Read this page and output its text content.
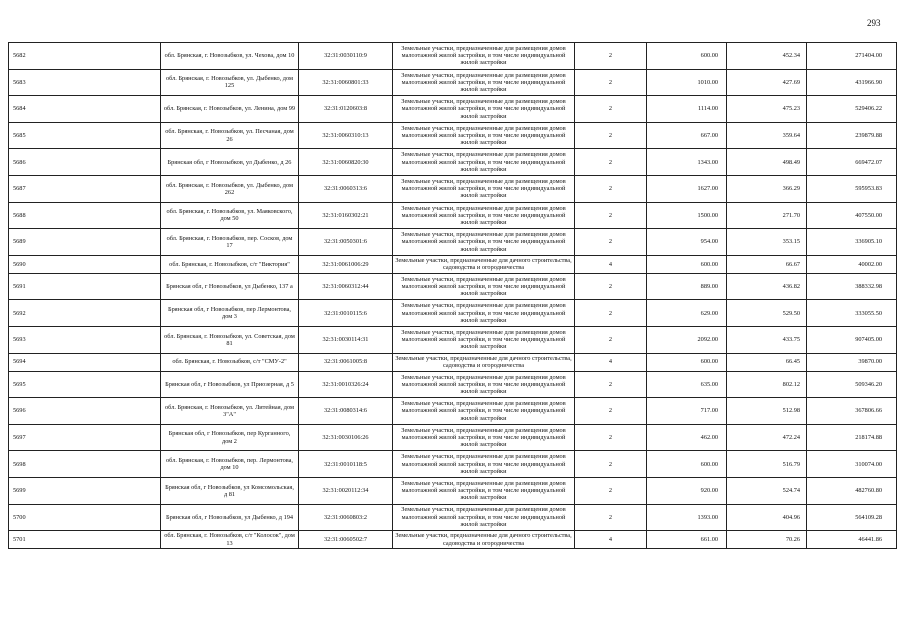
293
5682	обл. Брянская, г. Новозыбков, ул. Чехова, дом 10	32:31:0030110:9	Земельные участки, предназначенные для размещения домов малоэтажной жилой застройки, в том числе индивидуальной жилой застройки	2	600.00	452.34	271404.00
5683	обл. Брянская, г. Новозыбков, ул. Дыбенко, дом 125	32:31:0060801:33	Земельные участки, предназначенные для размещения домов малоэтажной жилой застройки, в том числе индивидуальной жилой застройки	2	1010.00	427.69	431966.90
5684	обл. Брянская, г. Новозыбков, ул. Ленина, дом 99	32:31:0120603:8	Земельные участки, предназначенные для размещения домов малоэтажной жилой застройки, в том числе индивидуальной жилой застройки	2	1114.00	475.23	529406.22
5685	обл. Брянская, г. Новозыбков, ул. Песчаная, дом 26	32:31:0060310:13	Земельные участки, предназначенные для размещения домов малоэтажной жилой застройки, в том числе индивидуальной жилой застройки	2	667.00	359.64	239879.88
5686	Брянская обл, г Новозыбков, ул Дыбенко, д 26	32:31:0060820:30	Земельные участки, предназначенные для размещения домов малоэтажной жилой застройки, в том числе индивидуальной жилой застройки	2	1343.00	498.49	669472.07
5687	обл. Брянская, г. Новозыбков, ул. Дыбенко, дом 262	32:31:0060313:6	Земельные участки, предназначенные для размещения домов малоэтажной жилой застройки, в том числе индивидуальной жилой застройки	2	1627.00	366.29	595953.83
5688	обл. Брянская, г. Новозыбков, ул. Маяковского, дом 50	32:31:0160302:21	Земельные участки, предназначенные для размещения домов малоэтажной жилой застройки, в том числе индивидуальной жилой застройки	2	1500.00	271.70	407550.00
5689	обл. Брянская, г. Новозыбков, пер. Сосков, дом 17	32:31:0050301:6	Земельные участки, предназначенные для размещения домов малоэтажной жилой застройки, в том числе индивидуальной жилой застройки	2	954.00	353.15	336905.10
5690	обл. Брянская, г. Новозыбков, с/т "Виктория"	32:31:0061006:29	Земельные участки, предназначенные для дачного строительства, садоводства и огородничества	4	600.00	66.67	40002.00
5691	Брянская обл, г Новозыбков, ул Дыбенко, 137 а	32:31:0060312:44	Земельные участки, предназначенные для размещения домов малоэтажной жилой застройки, в том числе индивидуальной жилой застройки	2	889.00	436.82	388332.98
5692	Брянская обл, г Новозыбков, пер Лермонтова, дом 3	32:31:0010115:6	Земельные участки, предназначенные для размещения домов малоэтажной жилой застройки, в том числе индивидуальной жилой застройки	2	629.00	529.50	333055.50
5693	обл. Брянская, г. Новозыбков, ул. Советская, дом 81	32:31:0030114:31	Земельные участки, предназначенные для размещения домов малоэтажной жилой застройки, в том числе индивидуальной жилой застройки	2	2092.00	433.75	907405.00
5694	обл. Брянская, г. Новозыбков, с/т "СМУ-2"	32:31:0061005:8	Земельные участки, предназначенные для дачного строительства, садоводства и огородничества	4	600.00	66.45	39870.00
5695	Брянская обл, г Новозыбков, ул Приозерная, д 5	32:31:0010326:24	Земельные участки, предназначенные для размещения домов малоэтажной жилой застройки, в том числе индивидуальной жилой застройки	2	635.00	802.12	509346.20
5696	обл. Брянская, г. Новозыбков, ул. Литейная, дом 3"А"	32:31:0080314:6	Земельные участки, предназначенные для размещения домов малоэтажной жилой застройки, в том числе индивидуальной жилой застройки	2	717.00	512.98	367806.66
5697	Брянская обл, г Новозыбков, пер Курганного, дом 2	32:31:0030106:26	Земельные участки, предназначенные для размещения домов малоэтажной жилой застройки, в том числе индивидуальной жилой застройки	2	462.00	472.24	218174.88
5698	обл. Брянская, г. Новозыбков, пер. Лермонтова, дом 10	32:31:0010118:5	Земельные участки, предназначенные для размещения домов малоэтажной жилой застройки, в том числе индивидуальной жилой застройки	2	600.00	516.79	310074.00
5699	Брянская обл, г Новозыбков, ул Комсомольская, д 81	32:31:0020112:34	Земельные участки, предназначенные для размещения домов малоэтажной жилой застройки, в том числе индивидуальной жилой застройки	2	920.00	524.74	482760.80
5700	Брянская обл, г Новозыбков, ул Дыбенко, д 194	32:31:0060803:2	Земельные участки, предназначенные для размещения домов малоэтажной жилой застройки, в том числе индивидуальной жилой застройки	2	1393.00	404.96	564109.28
5701	обл. Брянская, г. Новозыбков, с/т "Колосок", дом 13	32:31:0060502:7	Земельные участки, предназначенные для дачного строительства, садоводства и огородничества	4	661.00	70.26	46441.86
